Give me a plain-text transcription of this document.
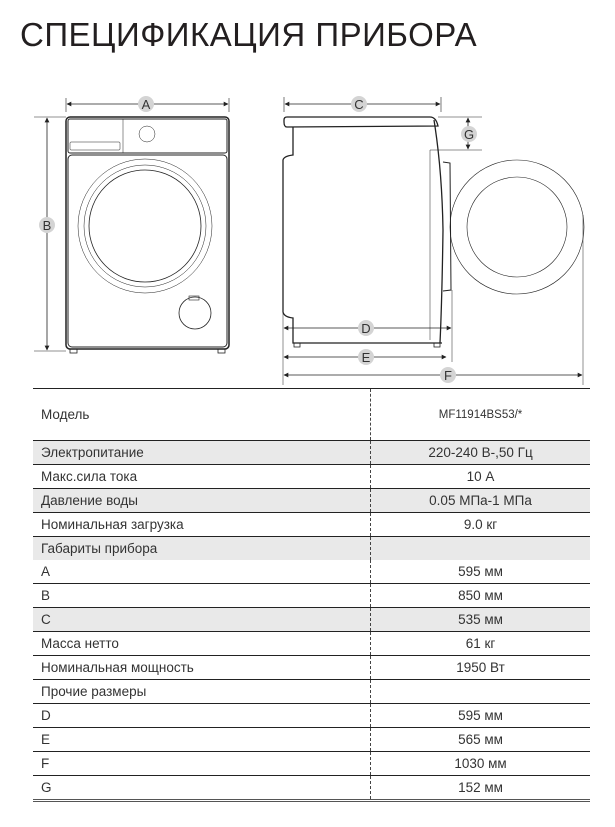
СПЕЦИФИКАЦИЯ ПРИБОРА
A
B
C
G
D
E
F
Модель	MF11914BS53/*
Электропитание	220-240 В-,50 Гц
Макс.сила тока	10 А
Давление воды	0.05 МПа-1 МПа
Номинальная загрузка	9.0 кг
Габариты прибора	
A	595 мм
B	850 мм
C	535 мм
Масса нетто	61 кг
Номинальная мощность	1950 Вт
Прочие размеры	
D	595 мм
E	565 мм
F	1030 мм
G	152 мм
